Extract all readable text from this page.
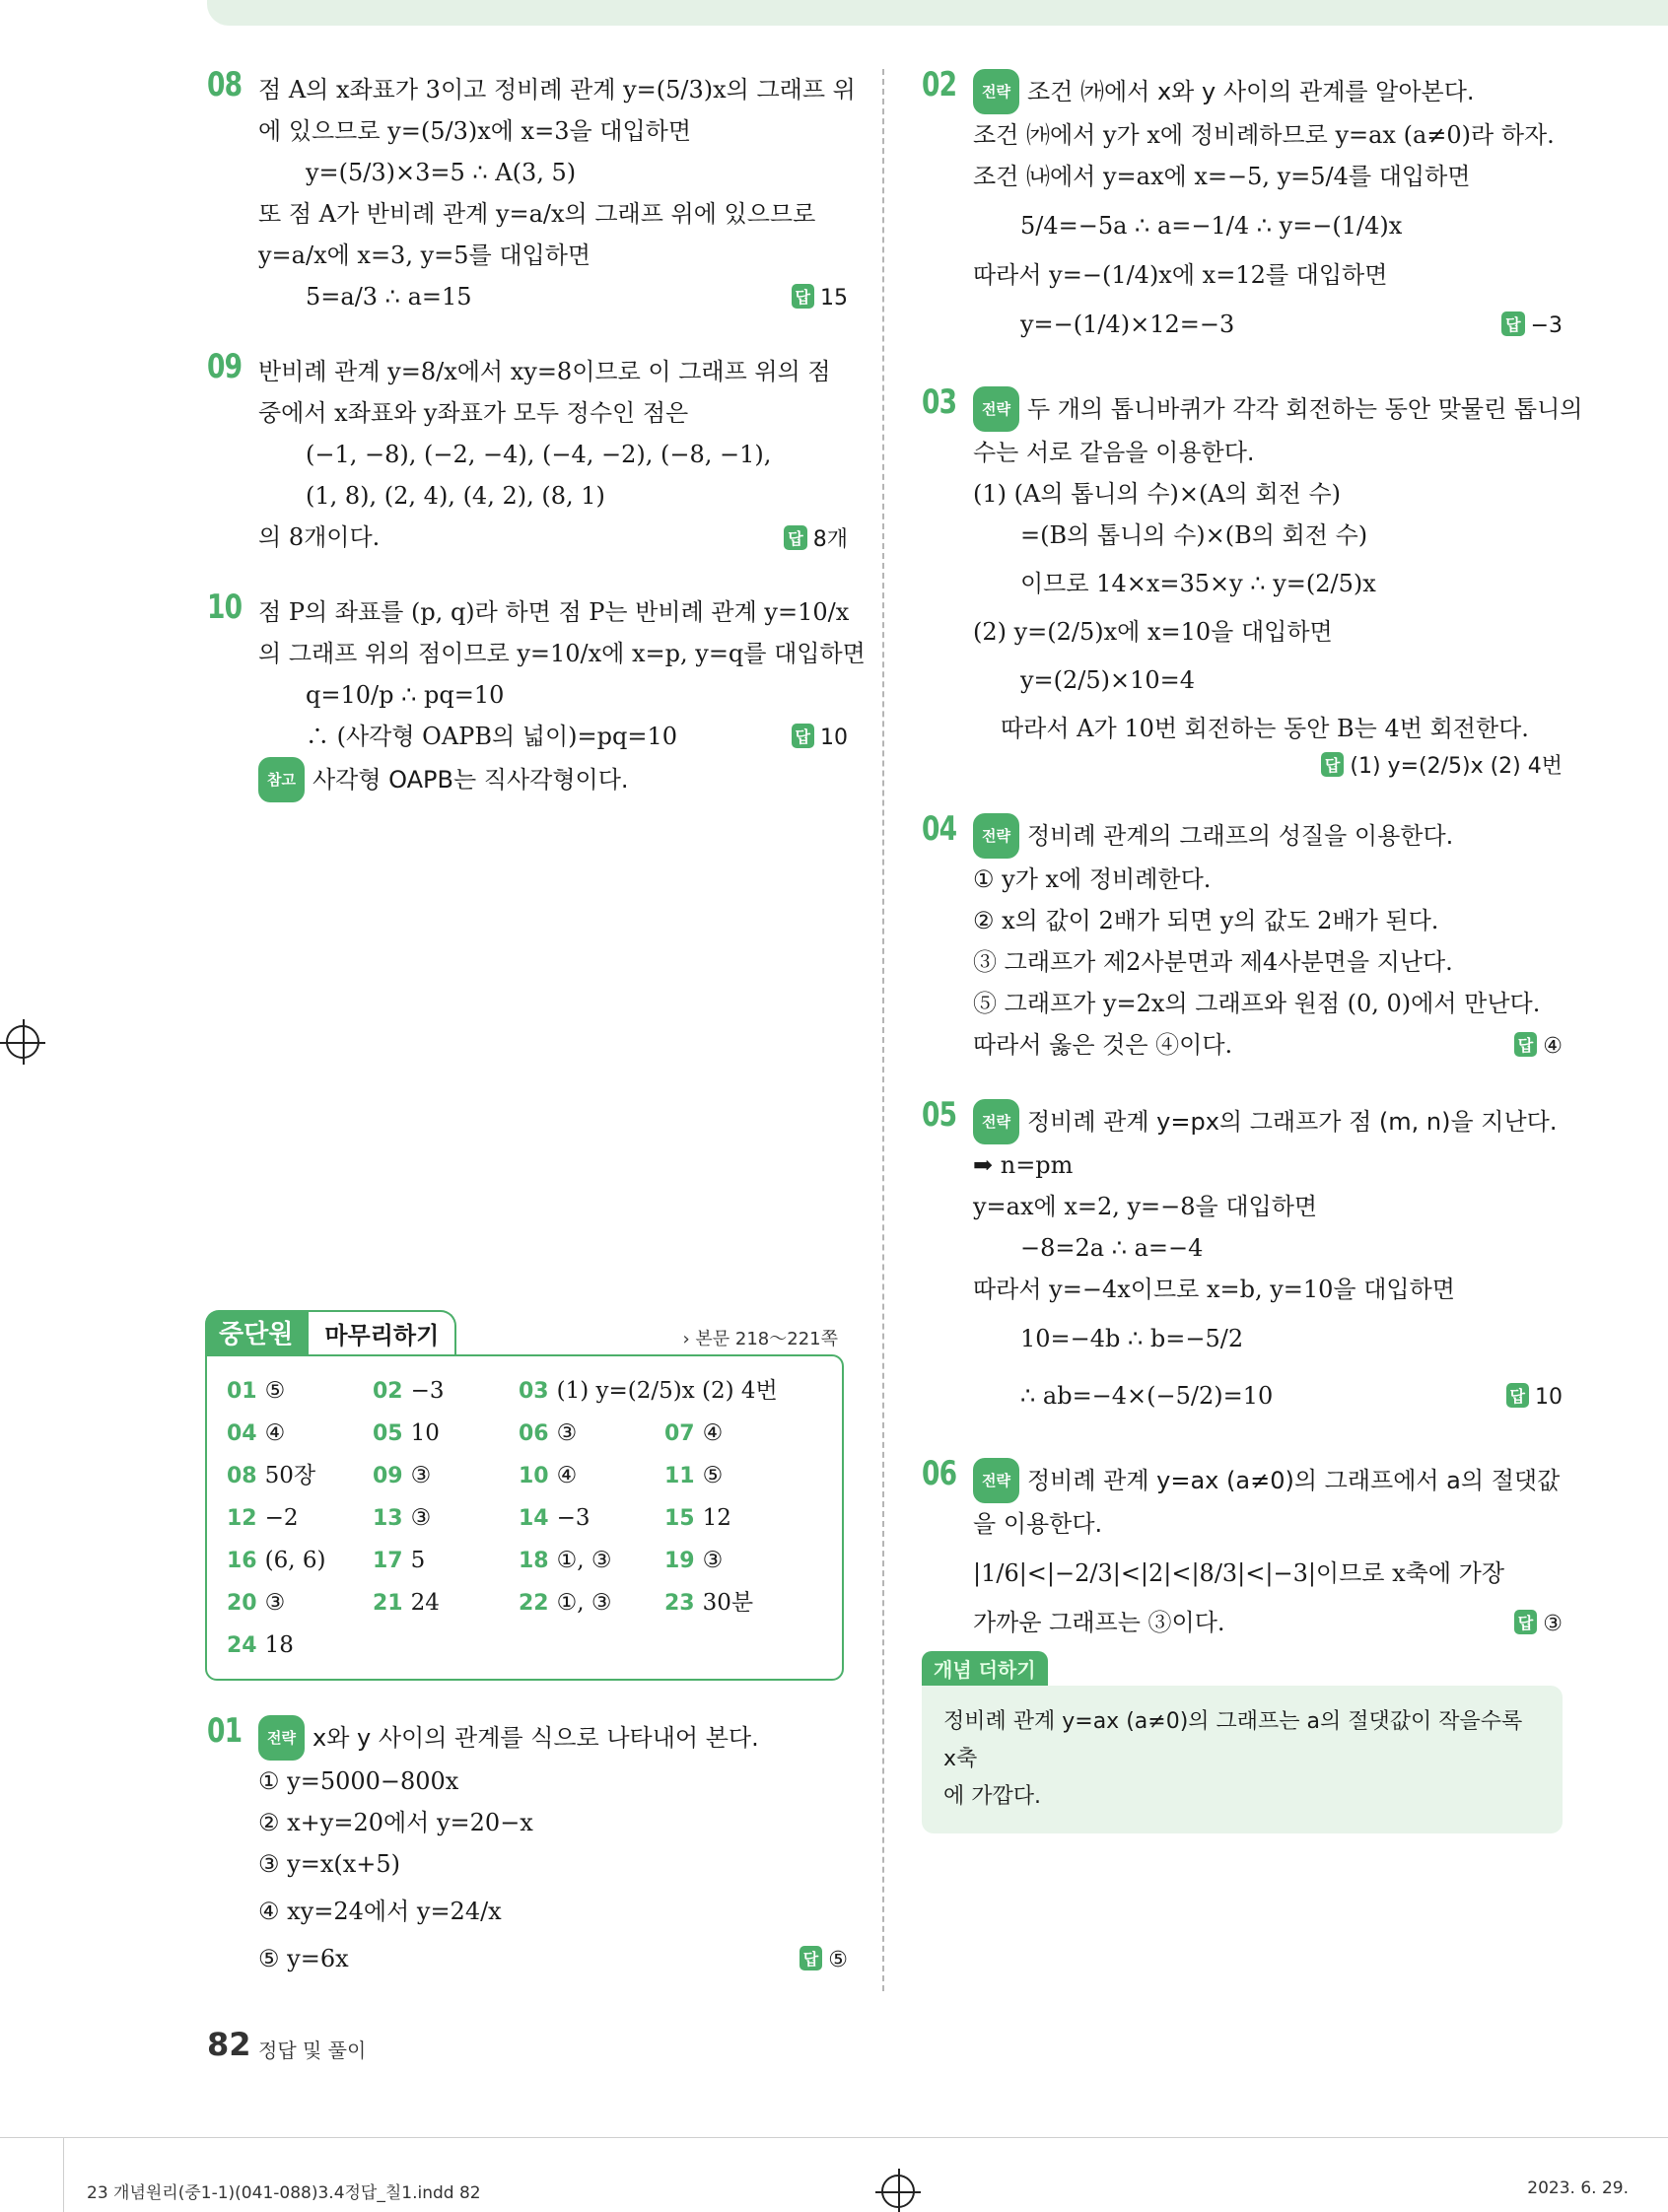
08 점 A의 x좌표가 3이고 정비례 관계 y=(5/3)x의 그래프 위
에 있으므로 y=(5/3)x에 x=3을 대입하면
y=(5/3)×3=5 ∴ A(3, 5)
또 점 A가 반비례 관계 y=a/x의 그래프 위에 있으므로
y=a/x에 x=3, y=5를 대입하면
5=a/3 ∴ a=15	답 15
09 반비례 관계 y=8/x에서 xy=8이므로 이 그래프 위의 점
중에서 x좌표와 y좌표가 모두 정수인 점은
(−1, −8), (−2, −4), (−4, −2), (−8, −1),
(1, 8), (2, 4), (4, 2), (8, 1)
의 8개이다.	답 8개
10 점 P의 좌표를 (p, q)라 하면 점 P는 반비례 관계 y=10/x
의 그래프 위의 점이므로 y=10/x에 x=p, y=q를 대입하면
q=10/p ∴ pq=10
∴ (사각형 OAPB의 넓이)=pq=10	답 10
참고 사각형 OAPB는 직사각형이다.
중단원	마무리하기	› 본문 218～221쪽
01 ⑤	02 −3	03 (1) y=(2/5)x (2) 4번
04 ④	05 10	06 ③	07 ④
08 50장	09 ③	10 ④	11 ⑤
12 −2	13 ③	14 −3	15 12
16 (6, 6)	17 5	18 ①, ③	19 ③
20 ③	21 24	22 ①, ③	23 30분
24 18
01	전략 x와 y 사이의 관계를 식으로 나타내어 본다.
① y=5000−800x
② x+y=20에서 y=20−x
③ y=x(x+5)
④ xy=24에서 y=24/x
⑤ y=6x	답 ⑤
02	전략 조건 ㈎에서 x와 y 사이의 관계를 알아본다.
조건 ㈎에서 y가 x에 정비례하므로 y=ax (a≠0)라 하자.
조건 ㈏에서 y=ax에 x=−5, y=5/4를 대입하면
5/4=−5a ∴ a=−1/4 ∴ y=−(1/4)x
따라서 y=−(1/4)x에 x=12를 대입하면
y=−(1/4)×12=−3	답 −3
03	전략 두 개의 톱니바퀴가 각각 회전하는 동안 맞물린 톱니의
수는 서로 같음을 이용한다.
(1) (A의 톱니의 수)×(A의 회전 수)
=(B의 톱니의 수)×(B의 회전 수)
이므로 14×x=35×y ∴ y=(2/5)x
(2) y=(2/5)x에 x=10을 대입하면
y=(2/5)×10=4
따라서 A가 10번 회전하는 동안 B는 4번 회전한다.
답 (1) y=(2/5)x (2) 4번
04	전략 정비례 관계의 그래프의 성질을 이용한다.
① y가 x에 정비례한다.
② x의 값이 2배가 되면 y의 값도 2배가 된다.
③ 그래프가 제2사분면과 제4사분면을 지난다.
⑤ 그래프가 y=2x의 그래프와 원점 (0, 0)에서 만난다.
따라서 옳은 것은 ④이다.	답 ④
05	전략 정비례 관계 y=px의 그래프가 점 (m, n)을 지난다.
➡ n=pm
y=ax에 x=2, y=−8을 대입하면
−8=2a ∴ a=−4
따라서 y=−4x이므로 x=b, y=10을 대입하면
10=−4b ∴ b=−5/2
∴ ab=−4×(−5/2)=10	답 10
06	전략 정비례 관계 y=ax (a≠0)의 그래프에서 a의 절댓값
을 이용한다.
|1/6|<|−2/3|<|2|<|8/3|<|−3|이므로 x축에 가장
가까운 그래프는 ③이다.	답 ③
개념 더하기
정비례 관계 y=ax (a≠0)의 그래프는 a의 절댓값이 작을수록 x축
에 가깝다.
82 정답 및 풀이
23 개념원리(중1-1)(041-088)3.4정답_칠1.indd 82	2023. 6. 29.
